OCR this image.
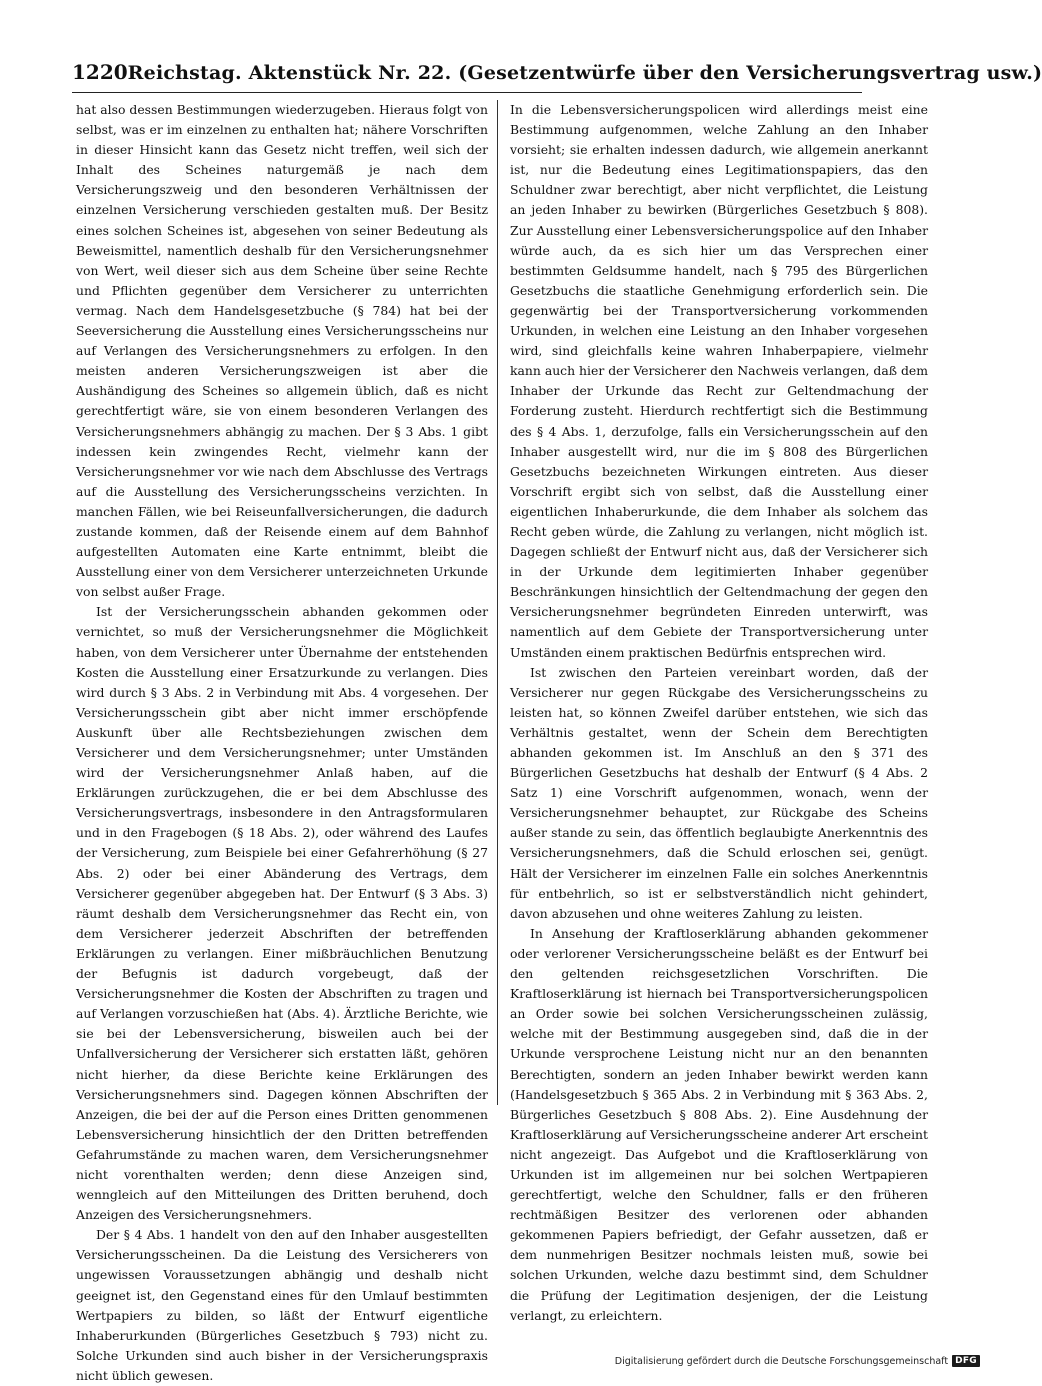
1220 Reichstag. Aktenstück Nr. 22. (Gesetzentwürfe über den Versicherungsvertrag usw.)

hat also dessen Bestimmungen wiederzugeben. Hieraus folgt von selbst, was er im einzelnen zu enthalten hat; nähere Vorschriften in dieser Hinsicht kann das Gesetz nicht treffen, weil sich der Inhalt des Scheines naturgemäß je nach dem Versicherungszweig und den besonderen Verhältnissen der einzelnen Versicherung verschieden gestalten muß. Der Besitz eines solchen Scheines ist, abgesehen von seiner Bedeutung als Beweismittel, namentlich deshalb für den Versicherungsnehmer von Wert, weil dieser sich aus dem Scheine über seine Rechte und Pflichten gegenüber dem Versicherer zu unterrichten vermag. Nach dem Handelsgesetzbuche (§ 784) hat bei der Seeversicherung die Ausstellung eines Versicherungsscheins nur auf Verlangen des Versicherungsnehmers zu erfolgen. In den meisten anderen Versicherungszweigen ist aber die Aushändigung des Scheines so allgemein üblich, daß es nicht gerechtfertigt wäre, sie von einem besonderen Verlangen des Versicherungsnehmers abhängig zu machen. Der § 3 Abs. 1 gibt indessen kein zwingendes Recht, vielmehr kann der Versicherungsnehmer vor wie nach dem Abschlusse des Vertrags auf die Ausstellung des Versicherungsscheins verzichten. In manchen Fällen, wie bei Reiseunfallversicherungen, die dadurch zustande kommen, daß der Reisende einem auf dem Bahnhof aufgestellten Automaten eine Karte entnimmt, bleibt die Ausstellung einer von dem Versicherer unterzeichneten Urkunde von selbst außer Frage.

Ist der Versicherungsschein abhanden gekommen oder vernichtet, so muß der Versicherungsnehmer die Möglichkeit haben, von dem Versicherer unter Übernahme der entstehenden Kosten die Ausstellung einer Ersatzurkunde zu verlangen. Dies wird durch § 3 Abs. 2 in Verbindung mit Abs. 4 vorgesehen. Der Versicherungsschein gibt aber nicht immer erschöpfende Auskunft über alle Rechtsbeziehungen zwischen dem Versicherer und dem Versicherungsnehmer; unter Umständen wird der Versicherungsnehmer Anlaß haben, auf die Erklärungen zurückzugehen, die er bei dem Abschlusse des Versicherungsvertrags, insbesondere in den Antragsformularen und in den Fragebogen (§ 18 Abs. 2), oder während des Laufes der Versicherung, zum Beispiele bei einer Gefahrerhöhung (§ 27 Abs. 2) oder bei einer Abänderung des Vertrags, dem Versicherer gegenüber abgegeben hat. Der Entwurf (§ 3 Abs. 3) räumt deshalb dem Versicherungsnehmer das Recht ein, von dem Versicherer jederzeit Abschriften der betreffenden Erklärungen zu verlangen. Einer mißbräuchlichen Benutzung der Befugnis ist dadurch vorgebeugt, daß der Versicherungsnehmer die Kosten der Abschriften zu tragen und auf Verlangen vorzuschießen hat (Abs. 4). Ärztliche Berichte, wie sie bei der Lebensversicherung, bisweilen auch bei der Unfallversicherung der Versicherer sich erstatten läßt, gehören nicht hierher, da diese Berichte keine Erklärungen des Versicherungsnehmers sind. Dagegen können Abschriften der Anzeigen, die bei der auf die Person eines Dritten genommenen Lebensversicherung hinsichtlich der den Dritten betreffenden Gefahrumstände zu machen waren, dem Versicherungsnehmer nicht vorenthalten werden; denn diese Anzeigen sind, wenngleich auf den Mitteilungen des Dritten beruhend, doch Anzeigen des Versicherungsnehmers.

Der § 4 Abs. 1 handelt von den auf den Inhaber ausgestellten Versicherungsscheinen. Da die Leistung des Versicherers von ungewissen Voraussetzungen abhängig und deshalb nicht geeignet ist, den Gegenstand eines für den Umlauf bestimmten Wertpapiers zu bilden, so läßt der Entwurf eigentliche Inhaberurkunden (Bürgerliches Gesetzbuch § 793) nicht zu. Solche Urkunden sind auch bisher in der Versicherungspraxis nicht üblich gewesen.

In die Lebensversicherungspolicen wird allerdings meist eine Bestimmung aufgenommen, welche Zahlung an den Inhaber vorsieht; sie erhalten indessen dadurch, wie allgemein anerkannt ist, nur die Bedeutung eines Legitimationspapiers, das den Schuldner zwar berechtigt, aber nicht verpflichtet, die Leistung an jeden Inhaber zu bewirken (Bürgerliches Gesetzbuch § 808). Zur Ausstellung einer Lebensversicherungspolice auf den Inhaber würde auch, da es sich hier um das Versprechen einer bestimmten Geldsumme handelt, nach § 795 des Bürgerlichen Gesetzbuchs die staatliche Genehmigung erforderlich sein. Die gegenwärtig bei der Transportversicherung vorkommenden Urkunden, in welchen eine Leistung an den Inhaber vorgesehen wird, sind gleichfalls keine wahren Inhaberpapiere, vielmehr kann auch hier der Versicherer den Nachweis verlangen, daß dem Inhaber der Urkunde das Recht zur Geltendmachung der Forderung zusteht. Hierdurch rechtfertigt sich die Bestimmung des § 4 Abs. 1, derzufolge, falls ein Versicherungsschein auf den Inhaber ausgestellt wird, nur die im § 808 des Bürgerlichen Gesetzbuchs bezeichneten Wirkungen eintreten. Aus dieser Vorschrift ergibt sich von selbst, daß die Ausstellung einer eigentlichen Inhaberurkunde, die dem Inhaber als solchem das Recht geben würde, die Zahlung zu verlangen, nicht möglich ist. Dagegen schließt der Entwurf nicht aus, daß der Versicherer sich in der Urkunde dem legitimierten Inhaber gegenüber Beschränkungen hinsichtlich der Geltendmachung der gegen den Versicherungsnehmer begründeten Einreden unterwirft, was namentlich auf dem Gebiete der Transportversicherung unter Umständen einem praktischen Bedürfnis entsprechen wird.

Ist zwischen den Parteien vereinbart worden, daß der Versicherer nur gegen Rückgabe des Versicherungsscheins zu leisten hat, so können Zweifel darüber entstehen, wie sich das Verhältnis gestaltet, wenn der Schein dem Berechtigten abhanden gekommen ist. Im Anschluß an den § 371 des Bürgerlichen Gesetzbuchs hat deshalb der Entwurf (§ 4 Abs. 2 Satz 1) eine Vorschrift aufgenommen, wonach, wenn der Versicherungsnehmer behauptet, zur Rückgabe des Scheins außer stande zu sein, das öffentlich beglaubigte Anerkenntnis des Versicherungsnehmers, daß die Schuld erloschen sei, genügt. Hält der Versicherer im einzelnen Falle ein solches Anerkenntnis für entbehrlich, so ist er selbstverständlich nicht gehindert, davon abzusehen und ohne weiteres Zahlung zu leisten.

In Ansehung der Kraftloserklärung abhanden gekommener oder verlorener Versicherungsscheine beläßt es der Entwurf bei den geltenden reichsgesetzlichen Vorschriften. Die Kraftloserklärung ist hiernach bei Transportversicherungspolicen an Order sowie bei solchen Versicherungsscheinen zulässig, welche mit der Bestimmung ausgegeben sind, daß die in der Urkunde versprochene Leistung nicht nur an den benannten Berechtigten, sondern an jeden Inhaber bewirkt werden kann (Handelsgesetzbuch § 365 Abs. 2 in Verbindung mit § 363 Abs. 2, Bürgerliches Gesetzbuch § 808 Abs. 2). Eine Ausdehnung der Kraftloserklärung auf Versicherungsscheine anderer Art erscheint nicht angezeigt. Das Aufgebot und die Kraftloserklärung von Urkunden ist im allgemeinen nur bei solchen Wertpapieren gerechtfertigt, welche den Schuldner, falls er den früheren rechtmäßigen Besitzer des verlorenen oder abhanden gekommenen Papiers befriedigt, der Gefahr aussetzen, daß er dem nunmehrigen Besitzer nochmals leisten muß, sowie bei solchen Urkunden, welche dazu bestimmt sind, dem Schuldner die Prüfung der Legitimation desjenigen, der die Leistung verlangt, zu erleichtern.

Digitalisierung gefördert durch die Deutsche Forschungsgemeinschaft DFG
